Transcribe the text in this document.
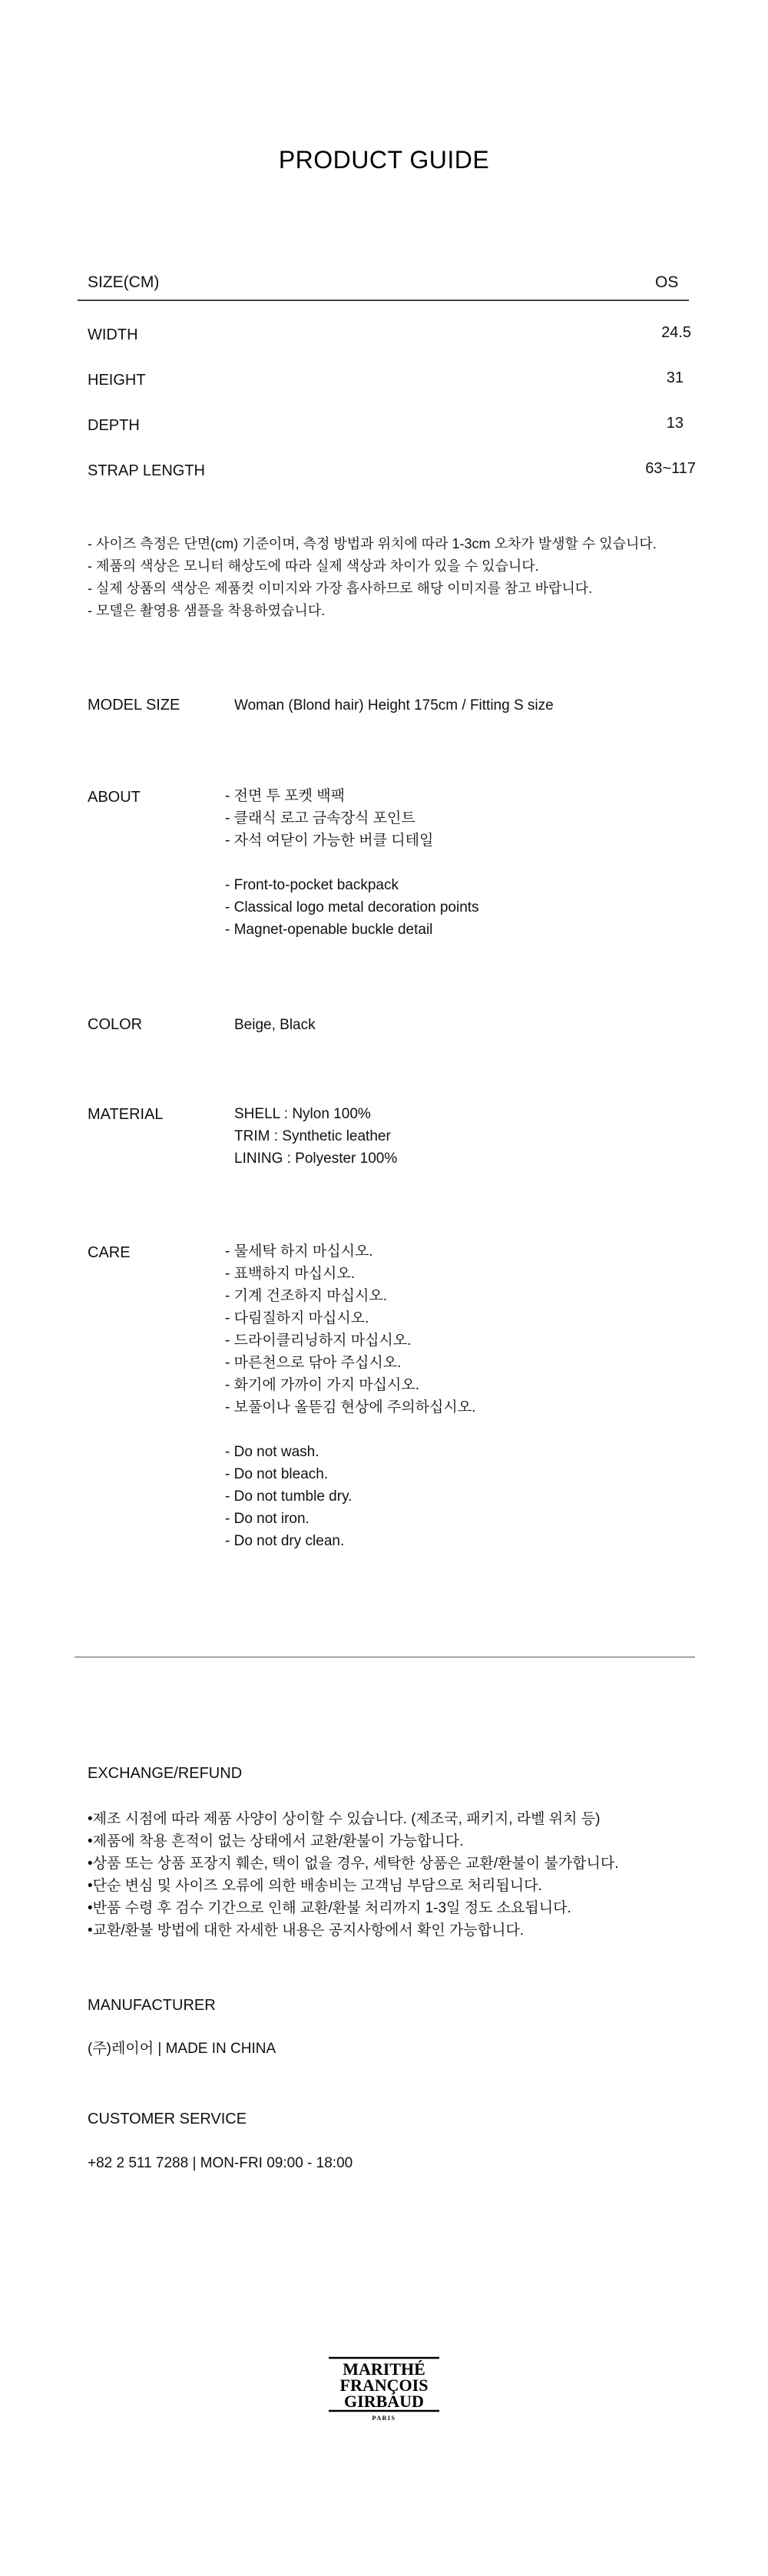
PRODUCT GUIDE
SIZE(CM)	OS
WIDTH	24.5
HEIGHT	31
DEPTH	13
STRAP LENGTH	63~117
- 사이즈 측정은 단면(cm) 기준이며, 측정 방법과 위치에 따라 1-3cm 오차가 발생할 수 있습니다.
- 제품의 색상은 모니터 해상도에 따라 실제 색상과 차이가 있을 수 있습니다.
- 실제 상품의 색상은 제품컷 이미지와 가장 흡사하므로 해당 이미지를 참고 바랍니다.
- 모델은 촬영용 샘플을 착용하였습니다.
MODEL SIZE	Woman (Blond hair) Height 175cm / Fitting S size
ABOUT	- 전면 투 포켓 백팩
- 클래식 로고 금속장식 포인트
- 자석 여닫이 가능한 버클 디테일
- Front-to-pocket backpack
- Classical logo metal decoration points
- Magnet-openable buckle detail
COLOR	Beige, Black
MATERIAL	SHELL : Nylon 100%
TRIM : Synthetic leather
LINING : Polyester 100%
CARE	- 물세탁 하지 마십시오.
- 표백하지 마십시오.
- 기계 건조하지 마십시오.
- 다림질하지 마십시오.
- 드라이클리닝하지 마십시오.
- 마른천으로 닦아 주십시오.
- 화기에 가까이 가지 마십시오.
- 보풀이나 올뜯김 현상에 주의하십시오.
- Do not wash.
- Do not bleach.
- Do not tumble dry.
- Do not iron.
- Do not dry clean.
EXCHANGE/REFUND
•제조 시점에 따라 제품 사양이 상이할 수 있습니다. (제조국, 패키지, 라벨 위치 등)
•제품에 착용 흔적이 없는 상태에서 교환/환불이 가능합니다.
•상품 또는 상품 포장지 훼손, 택이 없을 경우, 세탁한 상품은 교환/환불이 불가합니다.
•단순 변심 및 사이즈 오류에 의한 배송비는 고객님 부담으로 처리됩니다.
•반품 수령 후 검수 기간으로 인해 교환/환불 처리까지 1-3일 정도 소요됩니다.
•교환/환불 방법에 대한 자세한 내용은 공지사항에서 확인 가능합니다.
MANUFACTURER
(주)레이어 | MADE IN CHINA
CUSTOMER SERVICE
+82 2 511 7288 | MON-FRI 09:00 - 18:00
MARITHÉ
FRANÇOIS
GIRBAUD
PARIS
